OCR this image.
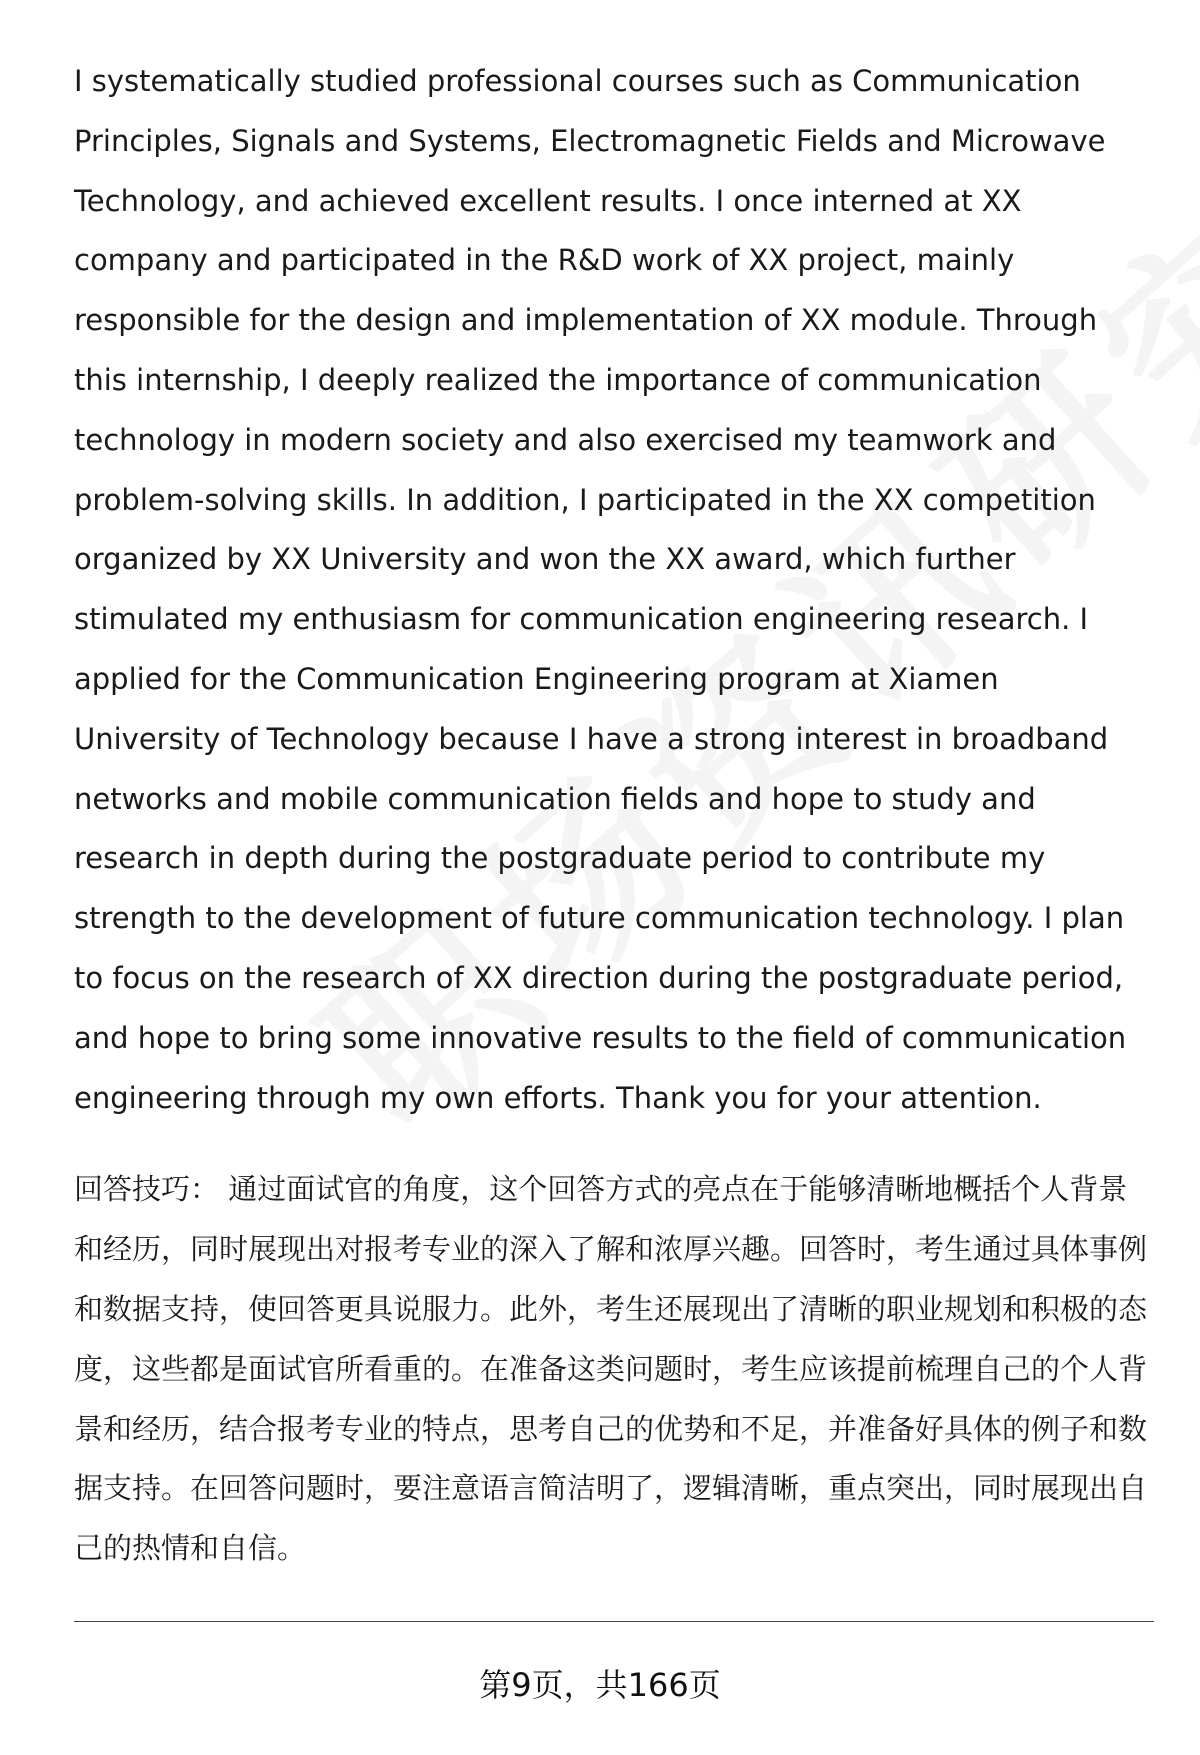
I systematically studied professional courses such as Communication Principles, Signals and Systems, Electromagnetic Fields and Microwave Technology, and achieved excellent results. I once interned at XX company and participated in the R&D work of XX project, mainly responsible for the design and implementation of XX module. Through this internship, I deeply realized the importance of communication technology in modern society and also exercised my teamwork and problem-solving skills. In addition, I participated in the XX competition organized by XX University and won the XX award, which further stimulated my enthusiasm for communication engineering research. I applied for the Communication Engineering program at Xiamen University of Technology because I have a strong interest in broadband networks and mobile communication fields and hope to study and research in depth during the postgraduate period to contribute my strength to the development of future communication technology. I plan to focus on the research of XX direction during the postgraduate period, and hope to bring some innovative results to the field of communication engineering through my own efforts. Thank you for your attention.

回答技巧： 通过面试官的角度，这个回答方式的亮点在于能够清晰地概括个人背景和经历，同时展现出对报考专业的深入了解和浓厚兴趣。回答时，考生通过具体事例和数据支持，使回答更具说服力。此外，考生还展现出了清晰的职业规划和积极的态度，这些都是面试官所看重的。在准备这类问题时，考生应该提前梳理自己的个人背景和经历，结合报考专业的特点，思考自己的优势和不足，并准备好具体的例子和数据支持。在回答问题时，要注意语言简洁明了，逻辑清晰，重点突出，同时展现出自己的热情和自信。

第9页，共166页
